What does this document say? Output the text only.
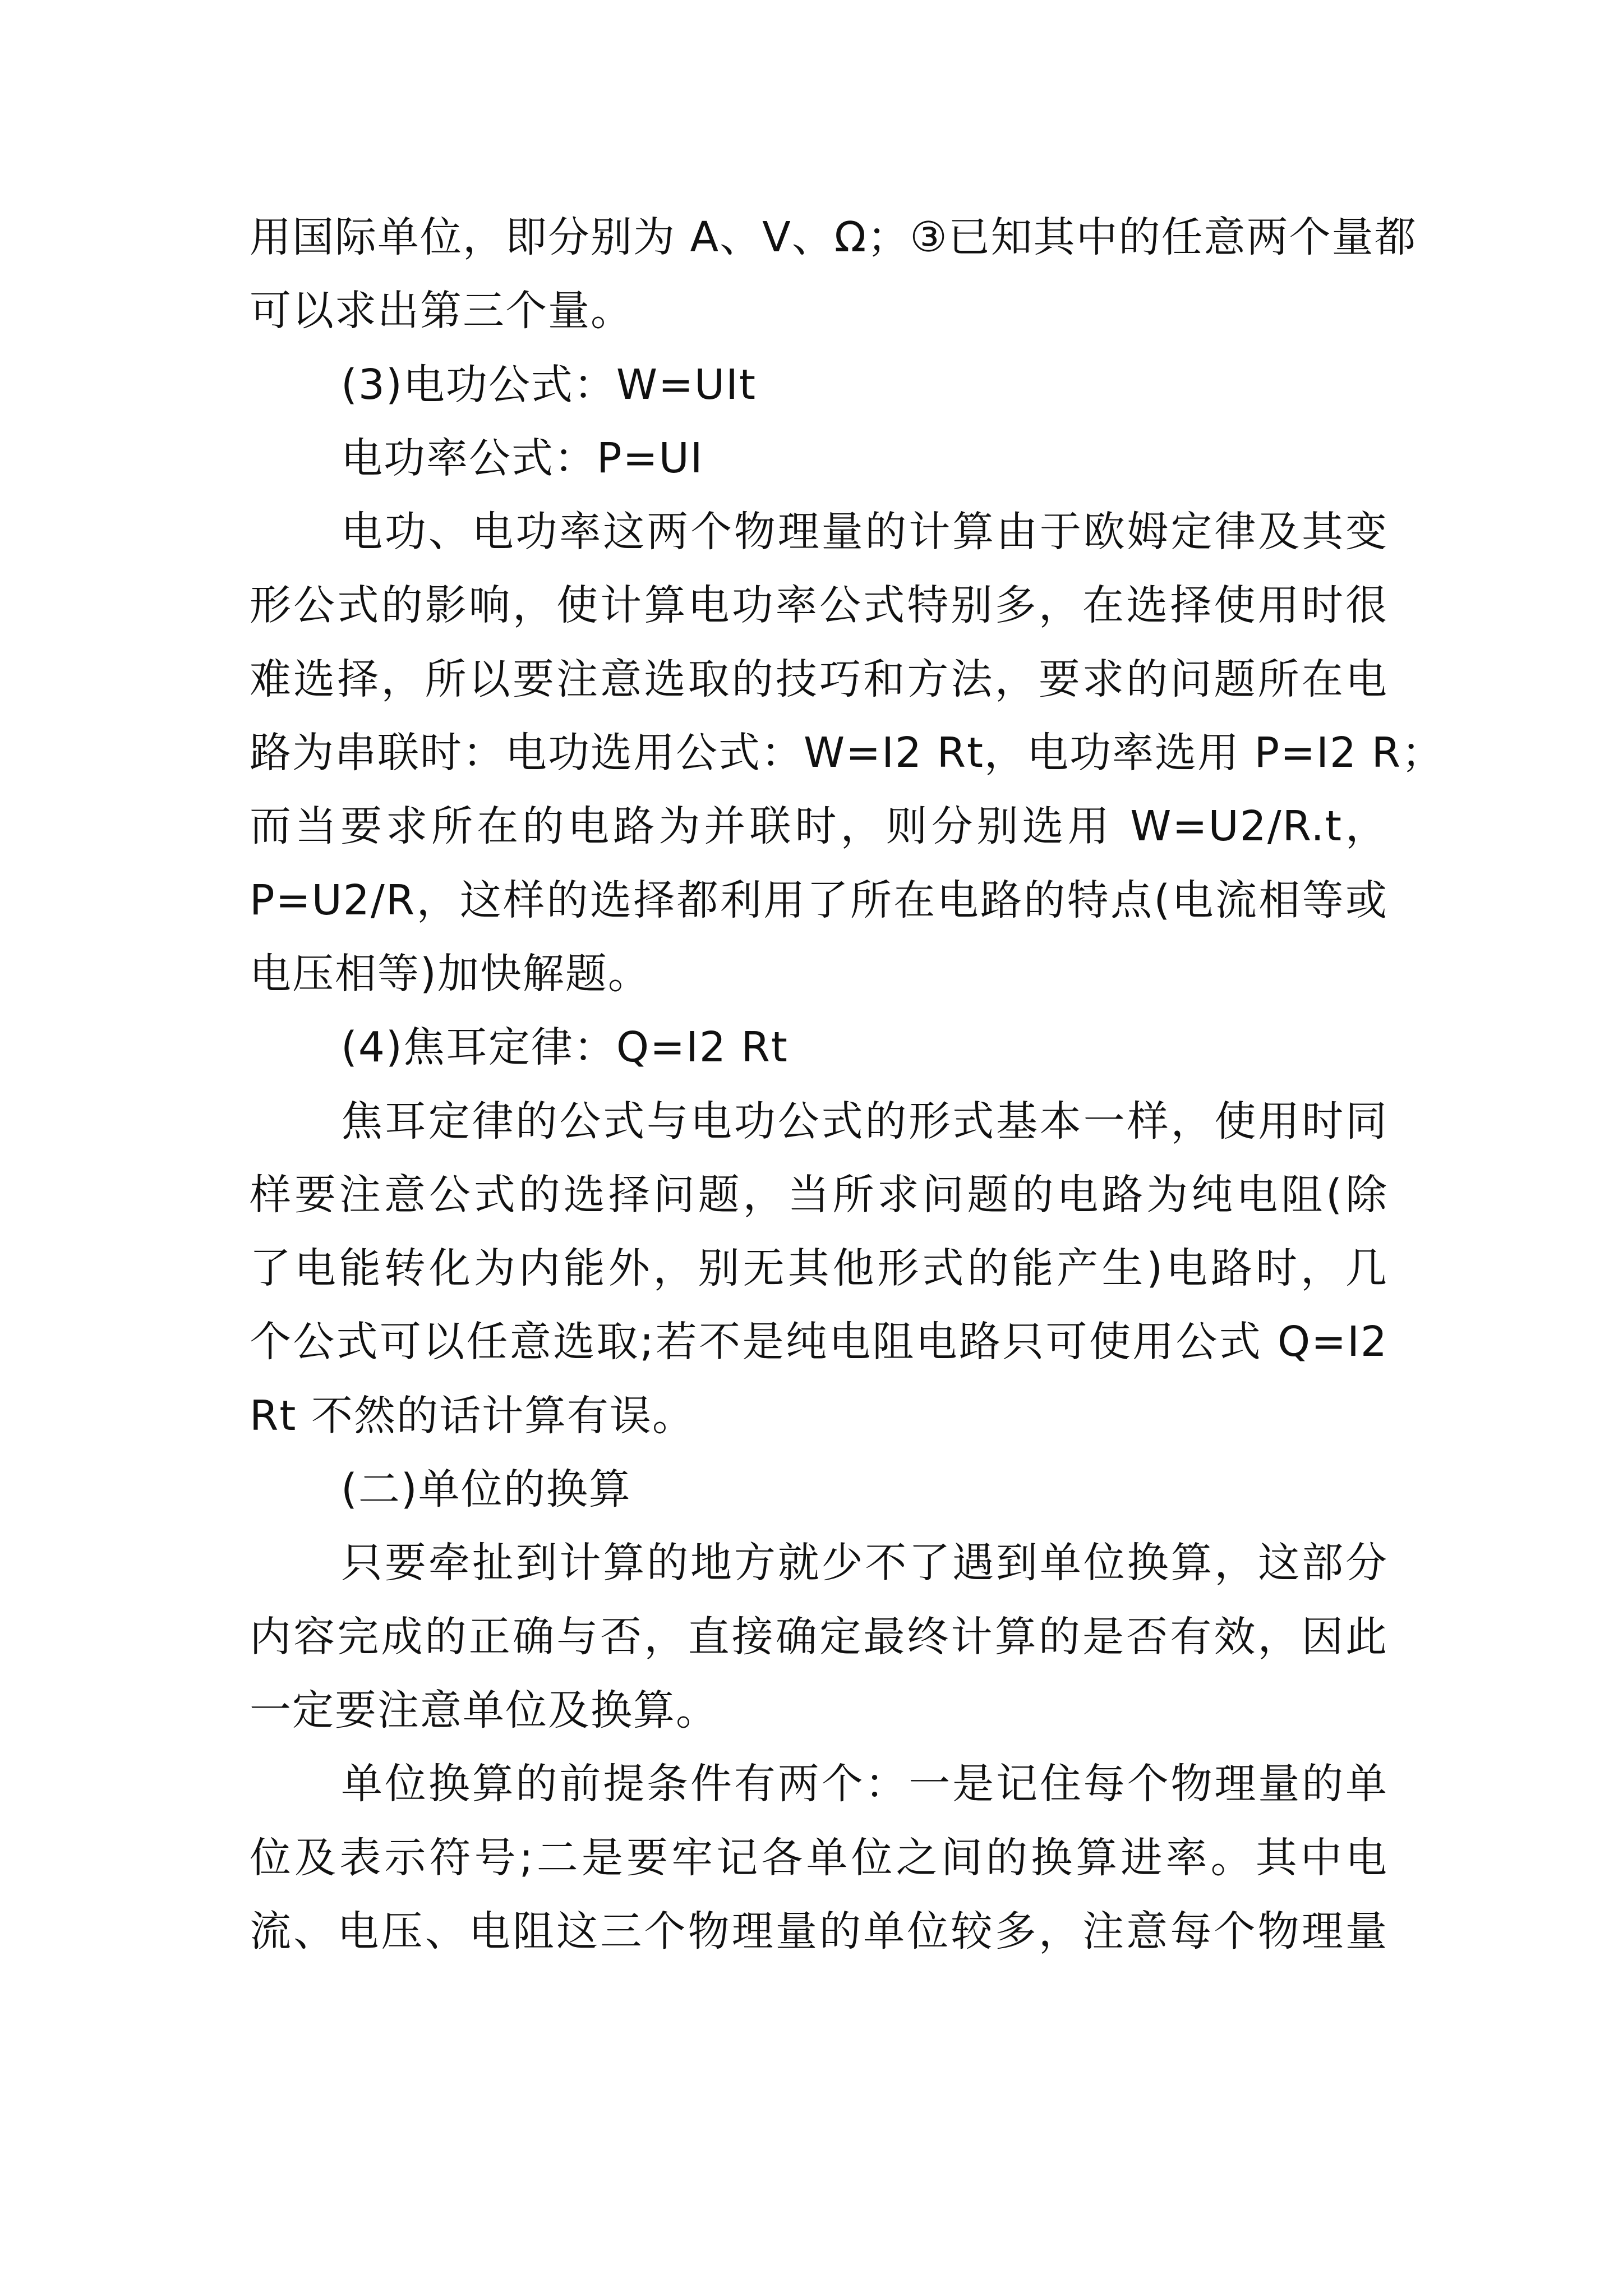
用国际单位，即分别为 A、V、Ω；③已知其中的任意两个量都
可以求出第三个量。
(3)电功公式：W=UIt
电功率公式：P=UI
电功、电功率这两个物理量的计算由于欧姆定律及其变
形公式的影响，使计算电功率公式特别多，在选择使用时很
难选择，所以要注意选取的技巧和方法，要求的问题所在电
路为串联时：电功选用公式：W=I2 Rt，电功率选用 P=I2 R；
而当要求所在的电路为并联时，则分别选用 W=U2/R.t，
P=U2/R，这样的选择都利用了所在电路的特点(电流相等或
电压相等)加快解题。
(4)焦耳定律：Q=I2 Rt
焦耳定律的公式与电功公式的形式基本一样，使用时同
样要注意公式的选择问题，当所求问题的电路为纯电阻(除
了电能转化为内能外，别无其他形式的能产生)电路时，几
个公式可以任意选取;若不是纯电阻电路只可使用公式 Q=I2
Rt 不然的话计算有误。
(二)单位的换算
只要牵扯到计算的地方就少不了遇到单位换算，这部分
内容完成的正确与否，直接确定最终计算的是否有效，因此
一定要注意单位及换算。
单位换算的前提条件有两个：一是记住每个物理量的单
位及表示符号;二是要牢记各单位之间的换算进率。其中电
流、电压、电阻这三个物理量的单位较多，注意每个物理量
